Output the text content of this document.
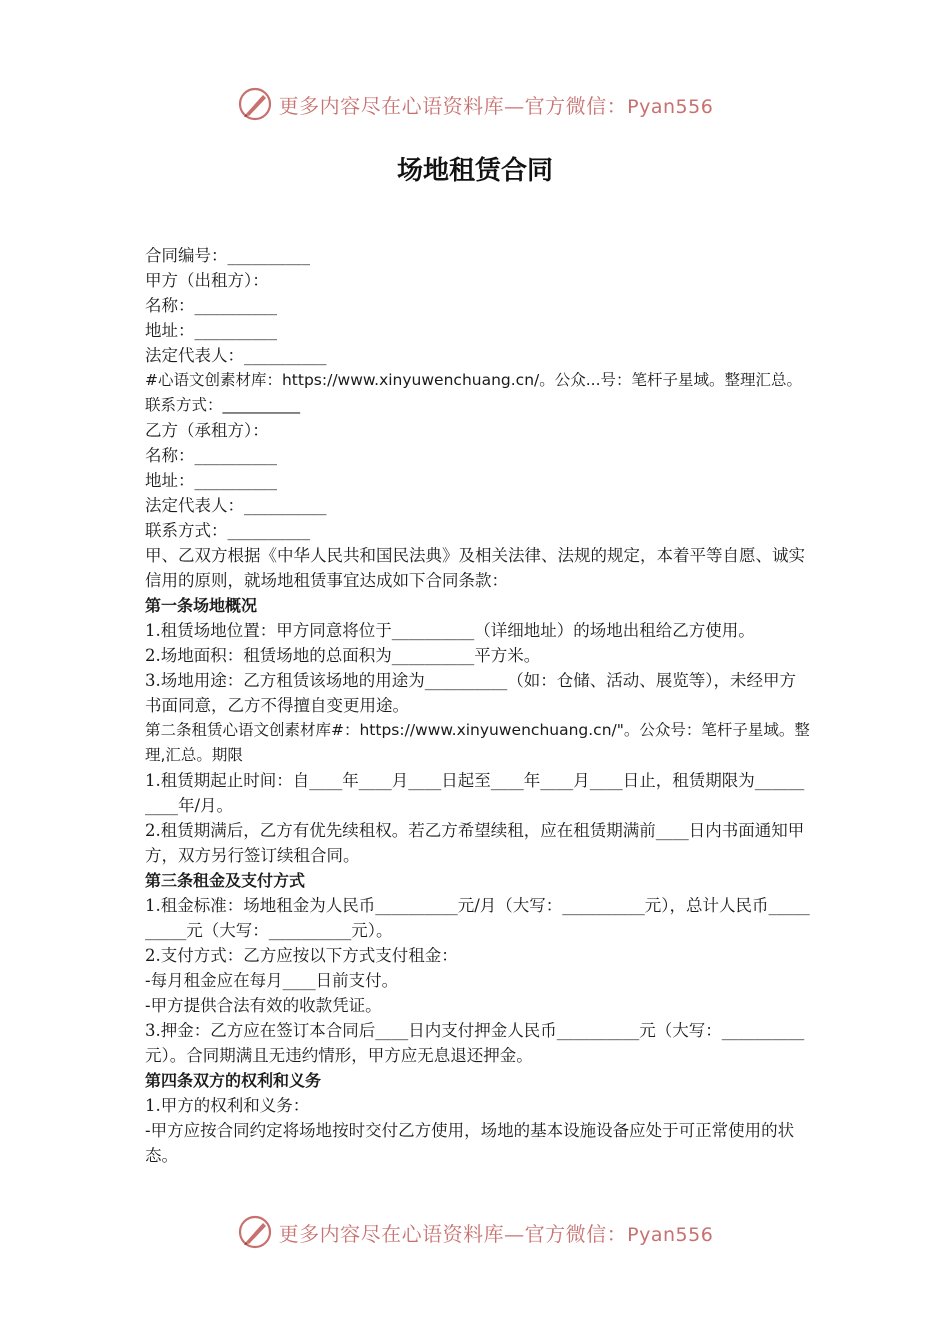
更多内容尽在心语资料库—官方微信：Pyan556
场地租赁合同
合同编号：__________
甲方（出租方）：
名称：__________
地址：__________
法定代表人：__________
#心语文创素材库：https://www.xinyuwenchuang.cn/。公众...号：笔杆子星域。整理汇总。联系方式：__________
乙方（承租方）：
名称：__________
地址：__________
法定代表人：__________
联系方式：__________
甲、乙双方根据《中华人民共和国民法典》及相关法律、法规的规定，本着平等自愿、诚实信用的原则，就场地租赁事宜达成如下合同条款：
第一条场地概况
1.租赁场地位置：甲方同意将位于__________（详细地址）的场地出租给乙方使用。
2.场地面积：租赁场地的总面积为__________平方米。
3.场地用途：乙方租赁该场地的用途为__________（如：仓储、活动、展览等），未经甲方书面同意，乙方不得擅自变更用途。
第二条租赁心语文创素材库#：https://www.xinyuwenchuang.cn/"。公众号：笔杆子星域。整理,汇总。期限
1.租赁期起止时间：自____年____月____日起至____年____月____日止，租赁期限为__________年/月。
2.租赁期满后，乙方有优先续租权。若乙方希望续租，应在租赁期满前____日内书面通知甲方，双方另行签订续租合同。
第三条租金及支付方式
1.租金标准：场地租金为人民币__________元/月（大写：__________元），总计人民币__________元（大写：__________元）。
2.支付方式：乙方应按以下方式支付租金：
-每月租金应在每月____日前支付。
-甲方提供合法有效的收款凭证。
3.押金：乙方应在签订本合同后____日内支付押金人民币__________元（大写：__________元）。合同期满且无违约情形，甲方应无息退还押金。
第四条双方的权利和义务
1.甲方的权利和义务：
-甲方应按合同约定将场地按时交付乙方使用，场地的基本设施设备应处于可正常使用的状态。
更多内容尽在心语资料库—官方微信：Pyan556
